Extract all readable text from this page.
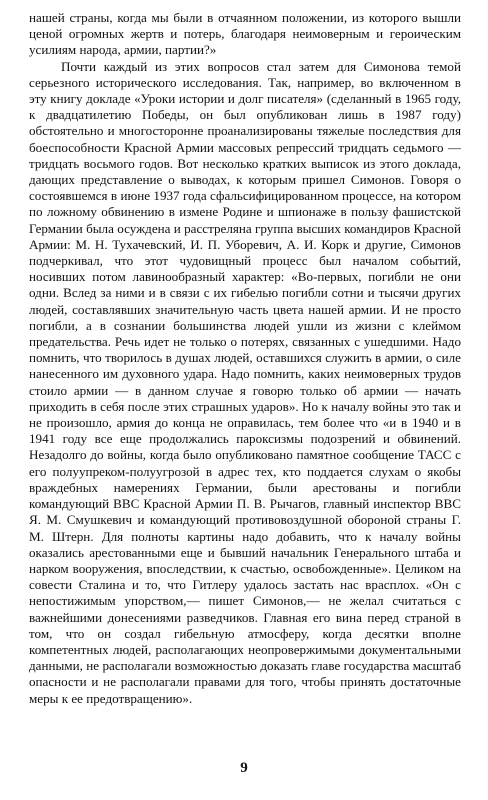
нашей страны, когда мы были в отчаянном положении, из которого вышли ценой огромных жертв и потерь, благодаря неимоверным и героическим усилиям народа, армии, партии?»

Почти каждый из этих вопросов стал затем для Симонова темой серьезного исторического исследования. Так, например, во включенном в эту книгу докладе «Уроки истории и долг писателя» (сделанный в 1965 году, к двадцатилетию Победы, он был опубликован лишь в 1987 году) обстоятельно и многосторонне проанализированы тяжелые последствия для боеспособности Красной Армии массовых репрессий тридцать седьмого — тридцать восьмого годов. Вот несколько кратких выписок из этого доклада, дающих представление о выводах, к которым пришел Симонов. Говоря о состоявшемся в июне 1937 года сфальсифицированном процессе, на котором по ложному обвинению в измене Родине и шпионаже в пользу фашистской Германии была осуждена и расстреляна группа высших командиров Красной Армии: М. Н. Тухачевский, И. П. Уборевич, А. И. Корк и другие, Симонов подчеркивал, что этот чудовищный процесс был началом событий, носивших потом лавинообразный характер: «Во-первых, погибли не они одни. Вслед за ними и в связи с их гибелью погибли сотни и тысячи других людей, составлявших значительную часть цвета нашей армии. И не просто погибли, а в сознании большинства людей ушли из жизни с клеймом предательства. Речь идет не только о потерях, связанных с ушедшими. Надо помнить, что творилось в душах людей, оставшихся служить в армии, о силе нанесенного им духовного удара. Надо помнить, каких неимоверных трудов стоило армии — в данном случае я говорю только об армии — начать приходить в себя после этих страшных ударов». Но к началу войны это так и не произошло, армия до конца не оправилась, тем более что «и в 1940 и в 1941 году все еще продолжались пароксизмы подозрений и обвинений. Незадолго до войны, когда было опубликовано памятное сообщение ТАСС с его полуупреком-полуугрозой в адрес тех, кто поддается слухам о якобы враждебных намерениях Германии, были арестованы и погибли командующий ВВС Красной Армии П. В. Рычагов, главный инспектор ВВС Я. М. Смушкевич и командующий противовоздушной обороной страны Г. М. Штерн. Для полноты картины надо добавить, что к началу войны оказались арестованными еще и бывший начальник Генерального штаба и нарком вооружения, впоследствии, к счастью, освобожденные». Целиком на совести Сталина и то, что Гитлеру удалось застать нас врасплох. «Он с непостижимым упорством,— пишет Симонов,— не желал считаться с важнейшими донесениями разведчиков. Главная его вина перед страной в том, что он создал гибельную атмосферу, когда десятки вполне компетентных людей, располагающих неопровержимыми документальными данными, не располагали возможностью доказать главе государства масштаб опасности и не располагали правами для того, чтобы принять достаточные меры к ее предотвращению».

9
